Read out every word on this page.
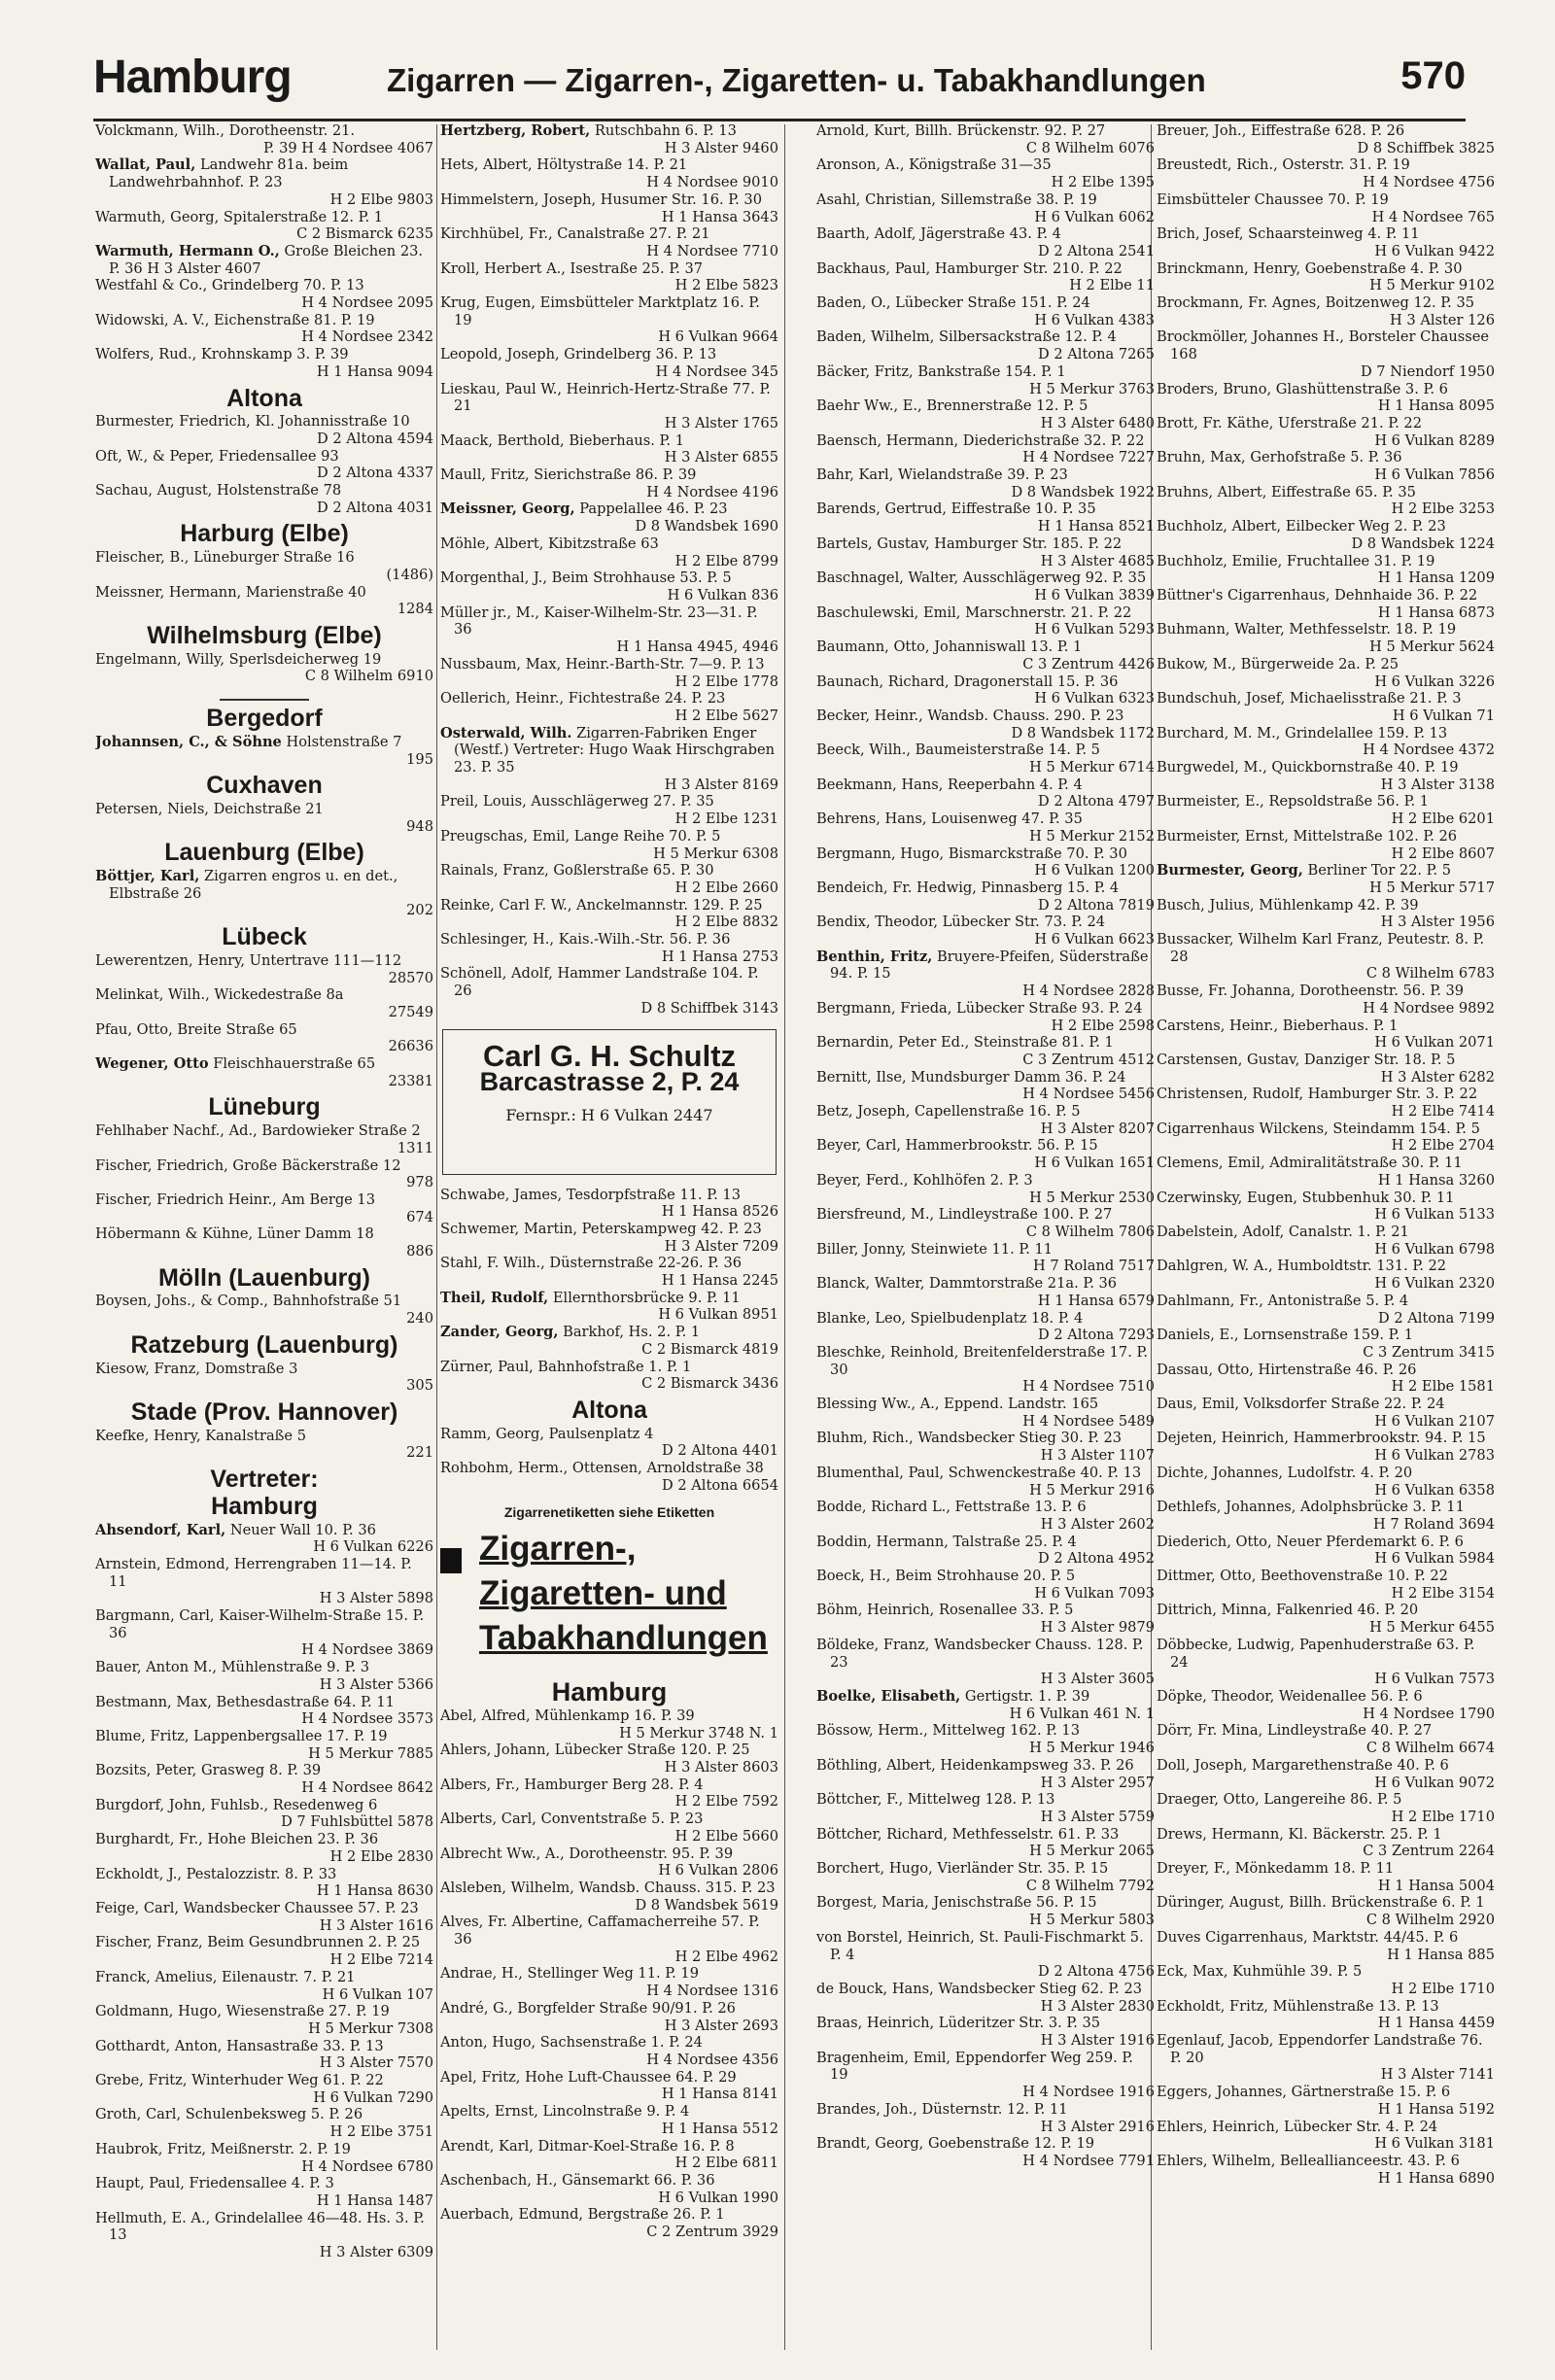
Hamburg	Zigarren — Zigarren-, Zigaretten- u. Tabakhandlungen	570

Volckmann, Wilh., Dorotheenstr. 21.
P. 39 H 4 Nordsee 4067

Wallat, Paul, Landwehr 81a. beim Landwehrbahnhof. P. 23
H 2 Elbe 9803

Warmuth, Georg, Spitalerstraße 12. P. 1
C 2 Bismarck 6235

Warmuth, Hermann O., Große Bleichen 23. P. 36 H 3 Alster 4607

Westfahl & Co., Grindelberg 70. P. 13
H 4 Nordsee 2095

Widowski, A. V., Eichenstraße 81. P. 19
H 4 Nordsee 2342

Wolfers, Rud., Krohnskamp 3. P. 39
H 1 Hansa 9094

Altona

Burmester, Friedrich, Kl. Johannisstraße 10
D 2 Altona 4594

Oft, W., & Peper, Friedensallee 93
D 2 Altona 4337

Sachau, August, Holstenstraße 78
D 2 Altona 4031

Harburg (Elbe)

Fleischer, B., Lüneburger Straße 16
(1486)

Meissner, Hermann, Marienstraße 40
1284

Wilhelmsburg (Elbe)

Engelmann, Willy, Sperlsdeicherweg 19
C 8 Wilhelm 6910

Bergedorf

Johannsen, C., & Söhne Holstenstraße 7
195

Cuxhaven

Petersen, Niels, Deichstraße 21
948

Lauenburg (Elbe)

Böttjer, Karl, Zigarren engros u. en det., Elbstraße 26
202

Lübeck

Lewerentzen, Henry, Untertrave 111—112
28570

Melinkat, Wilh., Wickedestraße 8a
27549

Pfau, Otto, Breite Straße 65
26636

Wegener, Otto Fleischhauerstraße 65
23381

Lüneburg

Fehlhaber Nachf., Ad., Bardowieker Straße 2
1311

Fischer, Friedrich, Große Bäckerstraße 12
978

Fischer, Friedrich Heinr., Am Berge 13
674

Höbermann & Kühne, Lüner Damm 18
886

Mölln (Lauenburg)

Boysen, Johs., & Comp., Bahnhofstraße 51
240

Ratzeburg (Lauenburg)

Kiesow, Franz, Domstraße 3
305

Stade (Prov. Hannover)

Keefke, Henry, Kanalstraße 5
221

Vertreter:
Hamburg

Ahsendorf, Karl, Neuer Wall 10. P. 36
H 6 Vulkan 6226

Arnstein, Edmond, Herrengraben 11—14. P. 11
H 3 Alster 5898

Bargmann, Carl, Kaiser-Wilhelm-Straße 15. P. 36
H 4 Nordsee 3869

Bauer, Anton M., Mühlenstraße 9. P. 3
H 3 Alster 5366

Bestmann, Max, Bethesdastraße 64. P. 11
H 4 Nordsee 3573

Blume, Fritz, Lappenbergsallee 17. P. 19
H 5 Merkur 7885

Bozsits, Peter, Grasweg 8. P. 39
H 4 Nordsee 8642

Burgdorf, John, Fuhlsb., Resedenweg 6
D 7 Fuhlsbüttel 5878

Burghardt, Fr., Hohe Bleichen 23. P. 36
H 2 Elbe 2830

Eckholdt, J., Pestalozzistr. 8. P. 33
H 1 Hansa 8630

Feige, Carl, Wandsbecker Chaussee 57. P. 23
H 3 Alster 1616

Fischer, Franz, Beim Gesundbrunnen 2. P. 25
H 2 Elbe 7214

Franck, Amelius, Eilenaustr. 7. P. 21
H 6 Vulkan 107

Goldmann, Hugo, Wiesenstraße 27. P. 19
H 5 Merkur 7308

Gotthardt, Anton, Hansastraße 33. P. 13
H 3 Alster 7570

Grebe, Fritz, Winterhuder Weg 61. P. 22
H 6 Vulkan 7290

Groth, Carl, Schulenbeksweg 5. P. 26
H 2 Elbe 3751

Haubrok, Fritz, Meißnerstr. 2. P. 19
H 4 Nordsee 6780

Haupt, Paul, Friedensallee 4. P. 3
H 1 Hansa 1487

Hellmuth, E. A., Grindelallee 46—48. Hs. 3. P. 13
H 3 Alster 6309

Hertzberg, Robert, Rutschbahn 6. P. 13
H 3 Alster 9460

Hets, Albert, Höltystraße 14. P. 21
H 4 Nordsee 9010

Himmelstern, Joseph, Husumer Str. 16. P. 30
H 1 Hansa 3643

Kirchhübel, Fr., Canalstraße 27. P. 21
H 4 Nordsee 7710

Kroll, Herbert A., Isestraße 25. P. 37
H 2 Elbe 5823

Krug, Eugen, Eimsbütteler Marktplatz 16. P. 19
H 6 Vulkan 9664

Leopold, Joseph, Grindelberg 36. P. 13
H 4 Nordsee 345

Lieskau, Paul W., Heinrich-Hertz-Straße 77. P. 21
H 3 Alster 1765

Maack, Berthold, Bieberhaus. P. 1
H 3 Alster 6855

Maull, Fritz, Sierichstraße 86. P. 39
H 4 Nordsee 4196

Meissner, Georg, Pappelallee 46. P. 23
D 8 Wandsbek 1690

Möhle, Albert, Kibitzstraße 63
H 2 Elbe 8799

Morgenthal, J., Beim Strohhause 53. P. 5
H 6 Vulkan 836

Müller jr., M., Kaiser-Wilhelm-Str. 23—31. P. 36
H 1 Hansa 4945, 4946

Nussbaum, Max, Heinr.-Barth-Str. 7—9. P. 13
H 2 Elbe 1778

Oellerich, Heinr., Fichtestraße 24. P. 23
H 2 Elbe 5627

Osterwald, Wilh. Zigarren-Fabriken Enger (Westf.) Vertreter: Hugo Waak Hirschgraben 23. P. 35
H 3 Alster 8169

Preil, Louis, Ausschlägerweg 27. P. 35
H 2 Elbe 1231

Preugschas, Emil, Lange Reihe 70. P. 5
H 5 Merkur 6308

Rainals, Franz, Goßlerstraße 65. P. 30
H 2 Elbe 2660

Reinke, Carl F. W., Anckelmannstr. 129. P. 25
H 2 Elbe 8832

Schlesinger, H., Kais.-Wilh.-Str. 56. P. 36
H 1 Hansa 2753

Schönell, Adolf, Hammer Landstraße 104. P. 26
D 8 Schiffbek 3143

Carl G. H. Schultz
Barcastrasse 2, P. 24
Fernspr.: H 6 Vulkan 2447

Schwabe, James, Tesdorpfstraße 11. P. 13
H 1 Hansa 8526

Schwemer, Martin, Peterskampweg 42. P. 23
H 3 Alster 7209

Stahl, F. Wilh., Düsternstraße 22-26. P. 36
H 1 Hansa 2245

Theil, Rudolf, Ellernthorsbrücke 9. P. 11
H 6 Vulkan 8951

Zander, Georg, Barkhof, Hs. 2. P. 1
C 2 Bismarck 4819

Zürner, Paul, Bahnhofstraße 1. P. 1
C 2 Bismarck 3436

Altona

Ramm, Georg, Paulsenplatz 4
D 2 Altona 4401

Rohbohm, Herm., Ottensen, Arnoldstraße 38
D 2 Altona 6654

Zigarrenetiketten siehe Etiketten
Zigarren-,
Zigaretten- und
Tabakhandlungen
Hamburg

Abel, Alfred, Mühlenkamp 16. P. 39
H 5 Merkur 3748 N. 1

Ahlers, Johann, Lübecker Straße 120. P. 25
H 3 Alster 8603

Albers, Fr., Hamburger Berg 28. P. 4
H 2 Elbe 7592

Alberts, Carl, Conventstraße 5. P. 23
H 2 Elbe 5660

Albrecht Ww., A., Dorotheenstr. 95. P. 39
H 6 Vulkan 2806

Alsleben, Wilhelm, Wandsb. Chauss. 315. P. 23
D 8 Wandsbek 5619

Alves, Fr. Albertine, Caffamacherreihe 57. P. 36
H 2 Elbe 4962

Andrae, H., Stellinger Weg 11. P. 19
H 4 Nordsee 1316

André, G., Borgfelder Straße 90/91. P. 26
H 3 Alster 2693

Anton, Hugo, Sachsenstraße 1. P. 24
H 4 Nordsee 4356

Apel, Fritz, Hohe Luft-Chaussee 64. P. 29
H 1 Hansa 8141

Apelts, Ernst, Lincolnstraße 9. P. 4
H 1 Hansa 5512

Arendt, Karl, Ditmar-Koel-Straße 16. P. 8
H 2 Elbe 6811

Aschenbach, H., Gänsemarkt 66. P. 36
H 6 Vulkan 1990

Auerbach, Edmund, Bergstraße 26. P. 1
C 2 Zentrum 3929

Arnold, Kurt, Billh. Brückenstr. 92. P. 27
C 8 Wilhelm 6076

Aronson, A., Königstraße 31—35
H 2 Elbe 1395

Asahl, Christian, Sillemstraße 38. P. 19
H 6 Vulkan 6062

Baarth, Adolf, Jägerstraße 43. P. 4
D 2 Altona 2541

Backhaus, Paul, Hamburger Str. 210. P. 22
H 2 Elbe 11

Baden, O., Lübecker Straße 151. P. 24
H 6 Vulkan 4383

Baden, Wilhelm, Silbersackstraße 12. P. 4
D 2 Altona 7265

Bäcker, Fritz, Bankstraße 154. P. 1
H 5 Merkur 3763

Baehr Ww., E., Brennerstraße 12. P. 5
H 3 Alster 6480

Baensch, Hermann, Diederichstraße 32. P. 22
H 4 Nordsee 7227

Bahr, Karl, Wielandstraße 39. P. 23
D 8 Wandsbek 1922

Barends, Gertrud, Eiffestraße 10. P. 35
H 1 Hansa 8521

Bartels, Gustav, Hamburger Str. 185. P. 22
H 3 Alster 4685

Baschnagel, Walter, Ausschlägerweg 92. P. 35
H 6 Vulkan 3839

Baschulewski, Emil, Marschnerstr. 21. P. 22
H 6 Vulkan 5293

Baumann, Otto, Johanniswall 13. P. 1
C 3 Zentrum 4426

Baunach, Richard, Dragonerstall 15. P. 36
H 6 Vulkan 6323

Becker, Heinr., Wandsb. Chauss. 290. P. 23
D 8 Wandsbek 1172

Beeck, Wilh., Baumeisterstraße 14. P. 5
H 5 Merkur 6714

Beekmann, Hans, Reeperbahn 4. P. 4
D 2 Altona 4797

Behrens, Hans, Louisenweg 47. P. 35
H 5 Merkur 2152

Bergmann, Hugo, Bismarckstraße 70. P. 30
H 6 Vulkan 1200

Bendeich, Fr. Hedwig, Pinnasberg 15. P. 4
D 2 Altona 7819

Bendix, Theodor, Lübecker Str. 73. P. 24
H 6 Vulkan 6623

Benthin, Fritz, Bruyere-Pfeifen, Süderstraße 94. P. 15
H 4 Nordsee 2828

Bergmann, Frieda, Lübecker Straße 93. P. 24
H 2 Elbe 2598

Bernardin, Peter Ed., Steinstraße 81. P. 1
C 3 Zentrum 4512

Bernitt, Ilse, Mundsburger Damm 36. P. 24
H 4 Nordsee 5456

Betz, Joseph, Capellenstraße 16. P. 5
H 3 Alster 8207

Beyer, Carl, Hammerbrookstr. 56. P. 15
H 6 Vulkan 1651

Beyer, Ferd., Kohlhöfen 2. P. 3
H 5 Merkur 2530

Biersfreund, M., Lindleystraße 100. P. 27
C 8 Wilhelm 7806

Biller, Jonny, Steinwiete 11. P. 11
H 7 Roland 7517

Blanck, Walter, Dammtorstraße 21a. P. 36
H 1 Hansa 6579

Blanke, Leo, Spielbudenplatz 18. P. 4
D 2 Altona 7293

Bleschke, Reinhold, Breitenfelderstraße 17. P. 30
H 4 Nordsee 7510

Blessing Ww., A., Eppend. Landstr. 165
H 4 Nordsee 5489

Bluhm, Rich., Wandsbecker Stieg 30. P. 23
H 3 Alster 1107

Blumenthal, Paul, Schwenckestraße 40. P. 13
H 5 Merkur 2916

Bodde, Richard L., Fettstraße 13. P. 6
H 3 Alster 2602

Boddin, Hermann, Talstraße 25. P. 4
D 2 Altona 4952

Boeck, H., Beim Strohhause 20. P. 5
H 6 Vulkan 7093

Böhm, Heinrich, Rosenallee 33. P. 5
H 3 Alster 9879

Böldeke, Franz, Wandsbecker Chauss. 128. P. 23
H 3 Alster 3605

Boelke, Elisabeth, Gertigstr. 1. P. 39
H 6 Vulkan 461 N. 1

Bössow, Herm., Mittelweg 162. P. 13
H 5 Merkur 1946

Böthling, Albert, Heidenkampsweg 33. P. 26
H 3 Alster 2957

Böttcher, F., Mittelweg 128. P. 13
H 3 Alster 5759

Böttcher, Richard, Methfesselstr. 61. P. 33
H 5 Merkur 2065

Borchert, Hugo, Vierländer Str. 35. P. 15
C 8 Wilhelm 7792

Borgest, Maria, Jenischstraße 56. P. 15
H 5 Merkur 5803

von Borstel, Heinrich, St. Pauli-Fischmarkt 5. P. 4
D 2 Altona 4756

de Bouck, Hans, Wandsbecker Stieg 62. P. 23
H 3 Alster 2830

Braas, Heinrich, Lüderitzer Str. 3. P. 35
H 3 Alster 1916

Bragenheim, Emil, Eppendorfer Weg 259. P. 19
H 4 Nordsee 1916

Brandes, Joh., Düsternstr. 12. P. 11
H 3 Alster 2916

Brandt, Georg, Goebenstraße 12. P. 19
H 4 Nordsee 7791

Breuer, Joh., Eiffestraße 628. P. 26
D 8 Schiffbek 3825

Breustedt, Rich., Osterstr. 31. P. 19
H 4 Nordsee 4756

Eimsbütteler Chaussee 70. P. 19
H 4 Nordsee 765

Brich, Josef, Schaarsteinweg 4. P. 11
H 6 Vulkan 9422

Brinckmann, Henry, Goebenstraße 4. P. 30
H 5 Merkur 9102

Brockmann, Fr. Agnes, Boitzenweg 12. P. 35
H 3 Alster 126

Brockmöller, Johannes H., Borsteler Chaussee 168
D 7 Niendorf 1950

Broders, Bruno, Glashüttenstraße 3. P. 6
H 1 Hansa 8095

Brott, Fr. Käthe, Uferstraße 21. P. 22
H 6 Vulkan 8289

Bruhn, Max, Gerhofstraße 5. P. 36
H 6 Vulkan 7856

Bruhns, Albert, Eiffestraße 65. P. 35
H 2 Elbe 3253

Buchholz, Albert, Eilbecker Weg 2. P. 23
D 8 Wandsbek 1224

Buchholz, Emilie, Fruchtallee 31. P. 19
H 1 Hansa 1209

Büttner's Cigarrenhaus, Dehnhaide 36. P. 22
H 1 Hansa 6873

Buhmann, Walter, Methfesselstr. 18. P. 19
H 5 Merkur 5624

Bukow, M., Bürgerweide 2a. P. 25
H 6 Vulkan 3226

Bundschuh, Josef, Michaelisstraße 21. P. 3
H 6 Vulkan 71

Burchard, M. M., Grindelallee 159. P. 13
H 4 Nordsee 4372

Burgwedel, M., Quickbornstraße 40. P. 19
H 3 Alster 3138

Burmeister, E., Repsoldstraße 56. P. 1
H 2 Elbe 6201

Burmeister, Ernst, Mittelstraße 102. P. 26
H 2 Elbe 8607

Burmester, Georg, Berliner Tor 22. P. 5
H 5 Merkur 5717

Busch, Julius, Mühlenkamp 42. P. 39
H 3 Alster 1956

Bussacker, Wilhelm Karl Franz, Peutestr. 8. P. 28
C 8 Wilhelm 6783

Busse, Fr. Johanna, Dorotheenstr. 56. P. 39
H 4 Nordsee 9892

Carstens, Heinr., Bieberhaus. P. 1
H 6 Vulkan 2071

Carstensen, Gustav, Danziger Str. 18. P. 5
H 3 Alster 6282

Christensen, Rudolf, Hamburger Str. 3. P. 22
H 2 Elbe 7414

Cigarrenhaus Wilckens, Steindamm 154. P. 5
H 2 Elbe 2704

Clemens, Emil, Admiralitätstraße 30. P. 11
H 1 Hansa 3260

Czerwinsky, Eugen, Stubbenhuk 30. P. 11
H 6 Vulkan 5133

Dabelstein, Adolf, Canalstr. 1. P. 21
H 6 Vulkan 6798

Dahlgren, W. A., Humboldtstr. 131. P. 22
H 6 Vulkan 2320

Dahlmann, Fr., Antonistraße 5. P. 4
D 2 Altona 7199

Daniels, E., Lornsenstraße 159. P. 1
C 3 Zentrum 3415

Dassau, Otto, Hirtenstraße 46. P. 26
H 2 Elbe 1581

Daus, Emil, Volksdorfer Straße 22. P. 24
H 6 Vulkan 2107

Dejeten, Heinrich, Hammerbrookstr. 94. P. 15
H 6 Vulkan 2783

Dichte, Johannes, Ludolfstr. 4. P. 20
H 6 Vulkan 6358

Dethlefs, Johannes, Adolphsbrücke 3. P. 11
H 7 Roland 3694

Diederich, Otto, Neuer Pferdemarkt 6. P. 6
H 6 Vulkan 5984

Dittmer, Otto, Beethovenstraße 10. P. 22
H 2 Elbe 3154

Dittrich, Minna, Falkenried 46. P. 20
H 5 Merkur 6455

Döbbecke, Ludwig, Papenhuderstraße 63. P. 24
H 6 Vulkan 7573

Döpke, Theodor, Weidenallee 56. P. 6
H 4 Nordsee 1790

Dörr, Fr. Mina, Lindleystraße 40. P. 27
C 8 Wilhelm 6674

Doll, Joseph, Margarethenstraße 40. P. 6
H 6 Vulkan 9072

Draeger, Otto, Langereihe 86. P. 5
H 2 Elbe 1710

Drews, Hermann, Kl. Bäckerstr. 25. P. 1
C 3 Zentrum 2264

Dreyer, F., Mönkedamm 18. P. 11
H 1 Hansa 5004

Düringer, August, Billh. Brückenstraße 6. P. 1
C 8 Wilhelm 2920

Duves Cigarrenhaus, Marktstr. 44/45. P. 6
H 1 Hansa 885

Eck, Max, Kuhmühle 39. P. 5
H 2 Elbe 1710

Eckholdt, Fritz, Mühlenstraße 13. P. 13
H 1 Hansa 4459

Egenlauf, Jacob, Eppendorfer Landstraße 76. P. 20
H 3 Alster 7141

Eggers, Johannes, Gärtnerstraße 15. P. 6
H 1 Hansa 5192

Ehlers, Heinrich, Lübecker Str. 4. P. 24
H 6 Vulkan 3181

Ehlers, Wilhelm, Belleallianceestr. 43. P. 6
H 1 Hansa 6890
